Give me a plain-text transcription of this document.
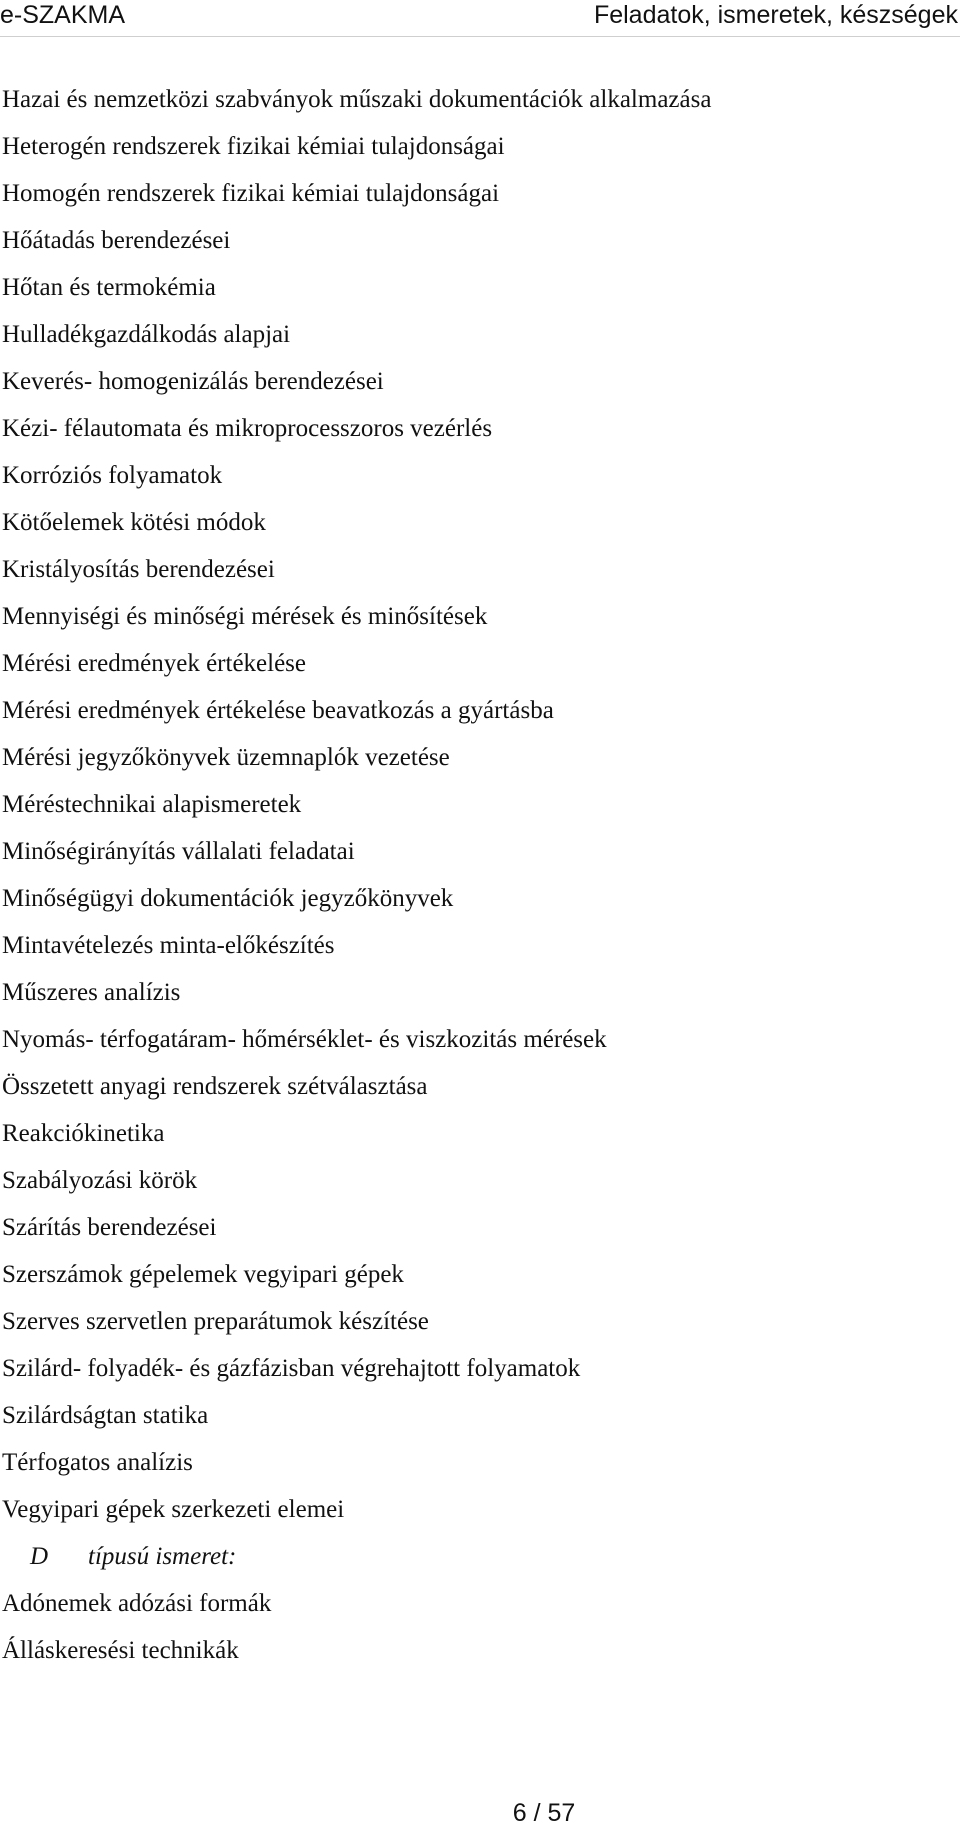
e-SZAKMA	Feladatok, ismeretek, készségek
Hazai és nemzetközi szabványok műszaki dokumentációk alkalmazása
Heterogén rendszerek fizikai kémiai tulajdonságai
Homogén rendszerek fizikai kémiai tulajdonságai
Hőátadás berendezései
Hőtan és termokémia
Hulladékgazdálkodás alapjai
Keverés- homogenizálás berendezései
Kézi- félautomata és mikroprocesszoros vezérlés
Korróziós folyamatok
Kötőelemek kötési módok
Kristályosítás berendezései
Mennyiségi és minőségi mérések és minősítések
Mérési eredmények értékelése
Mérési eredmények értékelése beavatkozás a gyártásba
Mérési jegyzőkönyvek üzemnaplók vezetése
Méréstechnikai alapismeretek
Minőségirányítás vállalati feladatai
Minőségügyi dokumentációk jegyzőkönyvek
Mintavételezés minta-előkészítés
Műszeres analízis
Nyomás- térfogatáram- hőmérséklet- és viszkozitás mérések
Összetett anyagi rendszerek szétválasztása
Reakciókinetika
Szabályozási körök
Szárítás berendezései
Szerszámok gépelemek vegyipari gépek
Szerves szervetlen preparátumok készítése
Szilárd- folyadék- és gázfázisban végrehajtott folyamatok
Szilárdságtan statika
Térfogatos analízis
Vegyipari gépek szerkezeti elemei
D típusú ismeret:
Adónemek adózási formák
Álláskeresési technikák
6 / 57
